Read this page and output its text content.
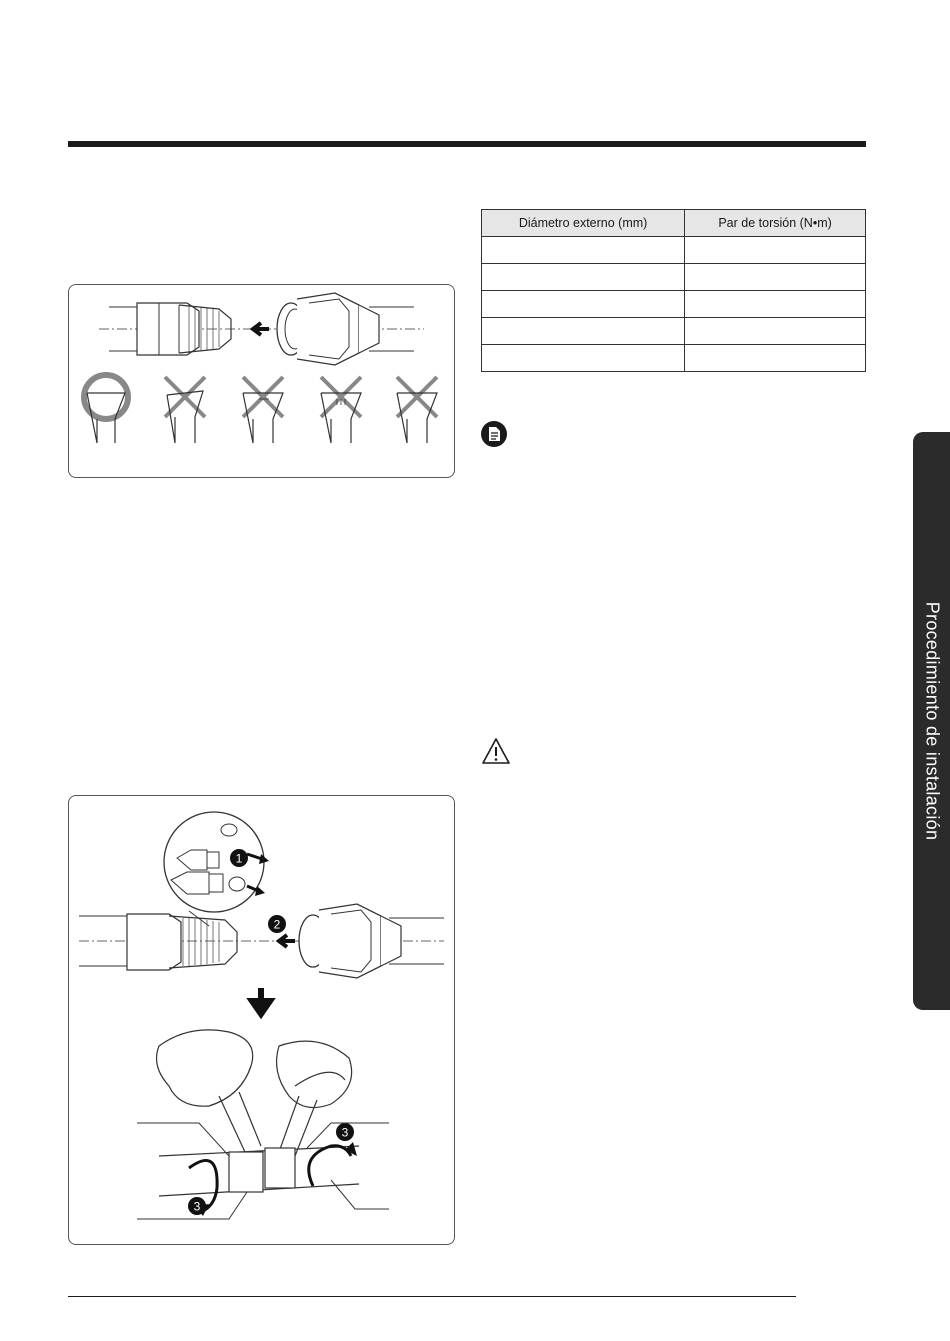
Diámetro externo (mm)	Par de torsión (N•m)

1
2
3
3
Procedimiento de instalación
